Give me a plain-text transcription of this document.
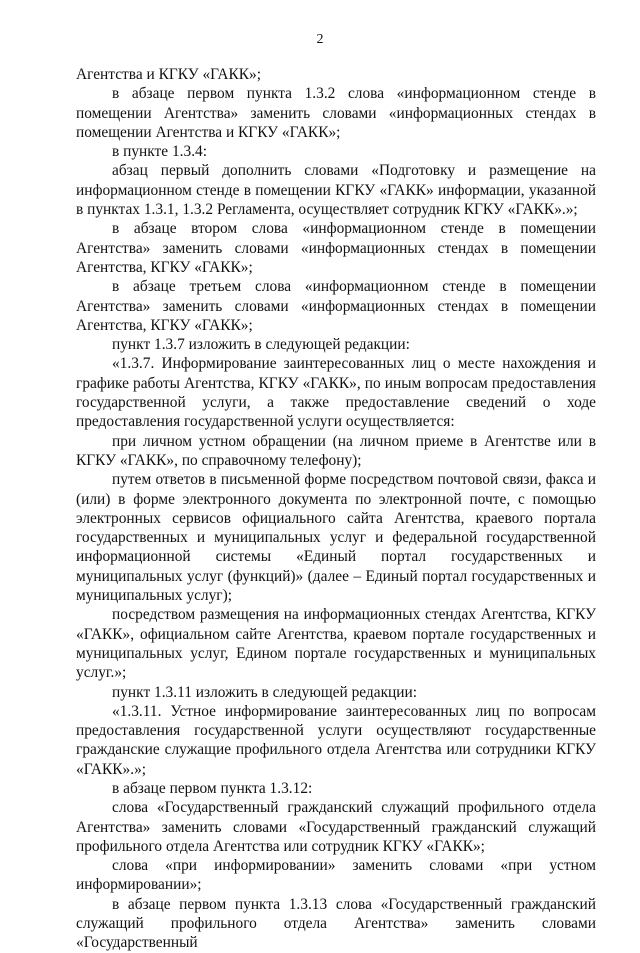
2

Агентства и КГКУ «ГАКК»;

в абзаце первом пункта 1.3.2 слова «информационном стенде в помещении Агентства» заменить словами «информационных стендах в помещении Агентства и КГКУ «ГАКК»;

в пункте 1.3.4:

абзац первый дополнить словами «Подготовку и размещение на информационном стенде в помещении КГКУ «ГАКК» информации, указанной в пунктах 1.3.1, 1.3.2 Регламента, осуществляет сотрудник КГКУ «ГАКК».»;

в абзаце втором слова «информационном стенде в помещении Агентства» заменить словами «информационных стендах в помещении Агентства, КГКУ «ГАКК»;

в абзаце третьем слова «информационном стенде в помещении Агентства» заменить словами «информационных стендах в помещении Агентства, КГКУ «ГАКК»;

пункт 1.3.7 изложить в следующей редакции:

«1.3.7. Информирование заинтересованных лиц о месте нахождения и графике работы Агентства, КГКУ «ГАКК», по иным вопросам предоставления государственной услуги, а также предоставление сведений о ходе предоставления государственной услуги осуществляется:

при личном устном обращении (на личном приеме в Агентстве или в КГКУ «ГАКК», по справочному телефону);

путем ответов в письменной форме посредством почтовой связи, факса и (или) в форме электронного документа по электронной почте, с помощью электронных сервисов официального сайта Агентства, краевого портала государственных и муниципальных услуг и федеральной государственной информационной системы «Единый портал государственных и муниципальных услуг (функций)» (далее – Единый портал государственных и муниципальных услуг);

посредством размещения на информационных стендах Агентства, КГКУ «ГАКК», официальном сайте Агентства, краевом портале государственных и муниципальных услуг, Едином портале государственных и муниципальных услуг.»;

пункт 1.3.11 изложить в следующей редакции:

«1.3.11. Устное информирование заинтересованных лиц по вопросам предоставления государственной услуги осуществляют государственные гражданские служащие профильного отдела Агентства или сотрудники КГКУ «ГАКК».»;

в абзаце первом пункта 1.3.12:

слова «Государственный гражданский служащий профильного отдела Агентства» заменить словами «Государственный гражданский служащий профильного отдела Агентства или сотрудник КГКУ «ГАКК»;

слова «при информировании» заменить словами «при устном информировании»;

в абзаце первом пункта 1.3.13 слова «Государственный гражданский служащий профильного отдела Агентства» заменить словами «Государственный
